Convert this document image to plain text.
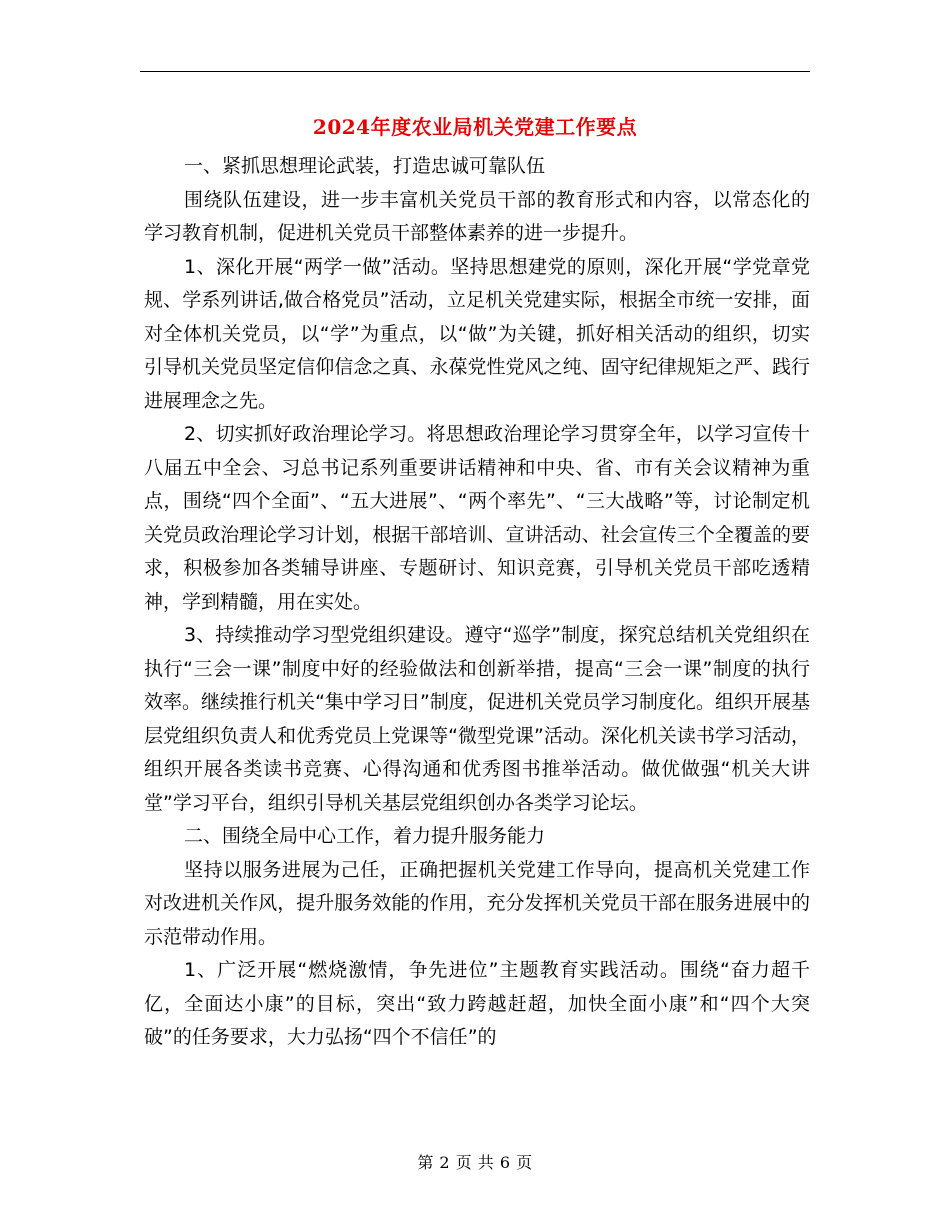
2024年度农业局机关党建工作要点

一、紧抓思想理论武装，打造忠诚可靠队伍

围绕队伍建设，进一步丰富机关党员干部的教育形式和内容，以常态化的学习教育机制，促进机关党员干部整体素养的进一步提升。

1、深化开展“两学一做”活动。坚持思想建党的原则，深化开展“学党章党规、学系列讲话,做合格党员”活动，立足机关党建实际，根据全市统一安排，面对全体机关党员，以“学”为重点，以“做”为关键，抓好相关活动的组织，切实引导机关党员坚定信仰信念之真、永葆党性党风之纯、固守纪律规矩之严、践行进展理念之先。

2、切实抓好政治理论学习。将思想政治理论学习贯穿全年，以学习宣传十八届五中全会、习总书记系列重要讲话精神和中央、省、市有关会议精神为重点，围绕“四个全面”、“五大进展”、“两个率先”、“三大战略”等，讨论制定机关党员政治理论学习计划，根据干部培训、宣讲活动、社会宣传三个全覆盖的要求，积极参加各类辅导讲座、专题研讨、知识竞赛，引导机关党员干部吃透精神，学到精髓，用在实处。

3、持续推动学习型党组织建设。遵守“巡学”制度，探究总结机关党组织在执行“三会一课”制度中好的经验做法和创新举措，提高“三会一课”制度的执行效率。继续推行机关“集中学习日”制度，促进机关党员学习制度化。组织开展基层党组织负责人和优秀党员上党课等“微型党课”活动。深化机关读书学习活动，组织开展各类读书竞赛、心得沟通和优秀图书推举活动。做优做强“机关大讲堂”学习平台，组织引导机关基层党组织创办各类学习论坛。

二、围绕全局中心工作，着力提升服务能力

坚持以服务进展为己任，正确把握机关党建工作导向，提高机关党建工作对改进机关作风，提升服务效能的作用，充分发挥机关党员干部在服务进展中的示范带动作用。

1、广泛开展“燃烧激情，争先进位”主题教育实践活动。围绕“奋力超千亿，全面达小康”的目标，突出“致力跨越赶超，加快全面小康”和“四个大突破”的任务要求，大力弘扬“四个不信任”的

第 2 页 共 6 页
